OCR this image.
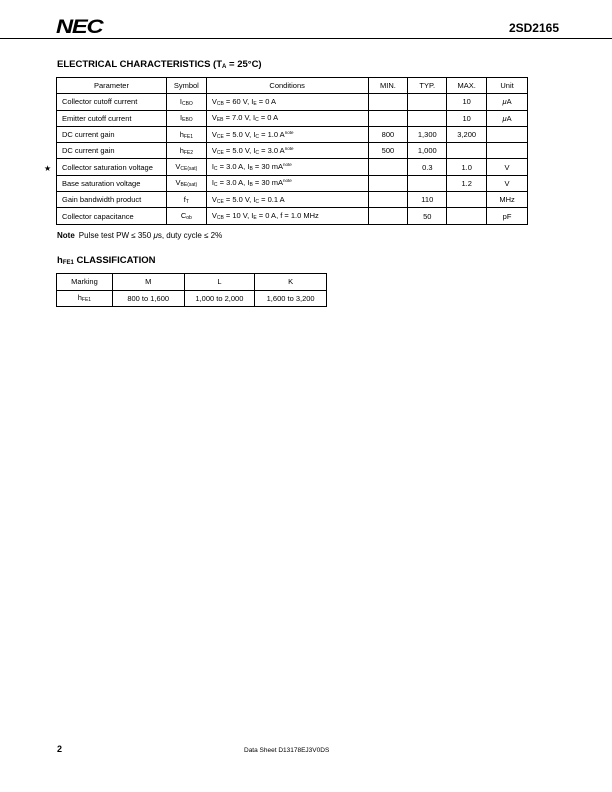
NEC	2SD2165
ELECTRICAL CHARACTERISTICS (TA = 25°C)
Parameter	Symbol	Conditions	MIN.	TYP.	MAX.	Unit
Collector cutoff current	$I_{CBO}$	$V_{CB} = 60$ V, $I_E = 0$ A			10	μA
Emitter cutoff current	$I_{EBO}$	$V_{EB} = 7.0$ V, $I_C = 0$ A			10	μA
DC current gain	$h_{FE1}$	$V_{CE} = 5.0$ V, $I_C = 1.0$ $A^{note}$	800	1,300	3,200	
DC current gain	$h_{FE2}$	$V_{CE} = 5.0$ V, $I_C = 3.0$ $A^{note}$	500	1,000		
Collector saturation voltage	$V_{CE(sat)}$	$I_C = 3.0$ A, $I_B = 30$ $mA^{note}$		0.3	1.0	V
Base saturation voltage	$V_{BE(sat)}$	$I_C = 3.0$ A, $I_B = 30$ $mA^{note}$			1.2	V
Gain bandwidth product	$f_T$	$V_{CE} = 5.0$ V, $I_C = 0.1$ A		110		MHz
Collector capacitance	$C_{ob}$	$V_{CB} = 10$ V, $I_E = 0$ A, f = 1.0 MHz		50		pF
★
Note Pulse test PW ≤ 350 μs, duty cycle ≤ 2%
hFE1 CLASSIFICATION
Marking	M	L	K
$h_{FE1}$	800 to 1,600	1,000 to 2,000	1,600 to 3,200
2	Data Sheet D13178EJ3V0DS
